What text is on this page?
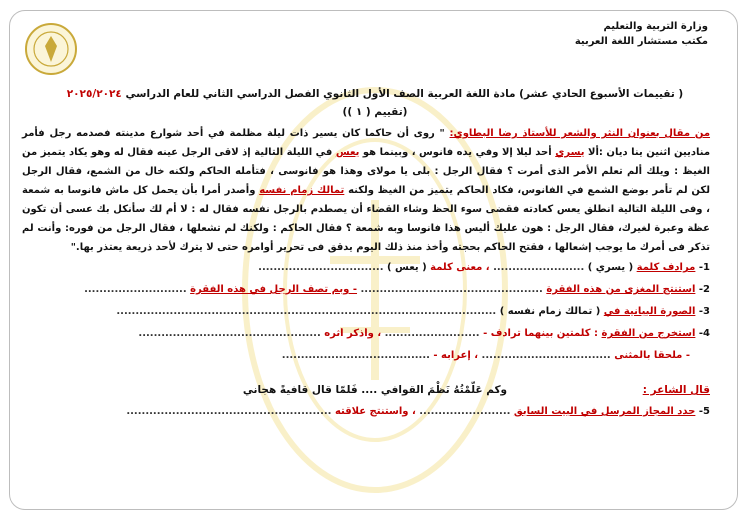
وزارة التربية والتعليم
مكتب مستشار اللغة العربية
( تقييمات الأسبوع الحادي عشر) مادة اللغة العربية الصف الأول الثانوي الفصل الدراسي الثاني للعام الدراسي ٢٠٢٥/٢٠٢٤
(تقييم ( ١ ))
من مقال بعنوان النثر والشعر للأستاذ رضا البطاوي: " روى أن حاكما كان يسير ذات ليلة مظلمة في أحد شوارع مدينته فصدمه رجل فأمر مناديين اثنين ينا ديان :ألا يسري أحد ليلا إلا وفي يده فانوس ، وبينما هو يعس في الليلة التالية إذ لاقى الرجل عينه فقال له وهو يكاد يتميز من الغيظ : ويلك ألم تعلم الأمر الذى أمرت ؟ فقال الرجل : بلى يا مولاى وهذا هو فانوسى ، فتأمله الحاكم ولكنه خال من الشمع، فقال الرجل لكن لم تأمر بوضع الشمع في الفانوس، فكاد الحاكم يتميز من الغيظ ولكنه تمالك زمام نفسه وأصدر أمرا بأن يحمل كل ماش فانوسا به شمعة ، وفى الليلة التالية انطلق يعس كعادته فقضى سوء الحظ وشاء القضاء أن يصطدم بالرجل نفسه فقال له : لا أم لك سأنكل بك عسى أن تكون عظة وعبرة لغيرك، فقال الرجل : هون عليك أليس هذا فانوسا وبه شمعة ؟ فقال الحاكم : ولكنك لم تشعلها ، فقال الرجل من فوره: وأنت لم تذكر فى أمرك ما يوجب إشعالها ، فقتح الحاكم بحجته وأخذ منذ ذلك اليوم يدقق فى تحرير أوامره حتى لا يترك لأحد ذريعة يعتذر بها."
1- مرادف كلمة ( يسري ) ........................ ، معنى كلمة ( يعس ) .................................
2- استنتج المغزى من هذه الفقرة ................................................ - وبم تصف الرجل في هذه الفقرة ...........................
3- الصورة البيانية في ( تمالك زمام نفسه ) ....................................................................................................
4- استخرج من الفقرة : كلمتين بينهما ترادف - ......................... ، وأذكر أثره ................................................
- ملحقا بالمثنى .................................. ، إعرابه - .......................................
قال الشاعر :
وكم عَلّمْتُهُ نَظْمَ القوافي .... فَلمّا قال قافيةً هجاني
5- حدد المجاز المرسل في البيت السابق ........................ ، واستنتج علاقته ......................................................
